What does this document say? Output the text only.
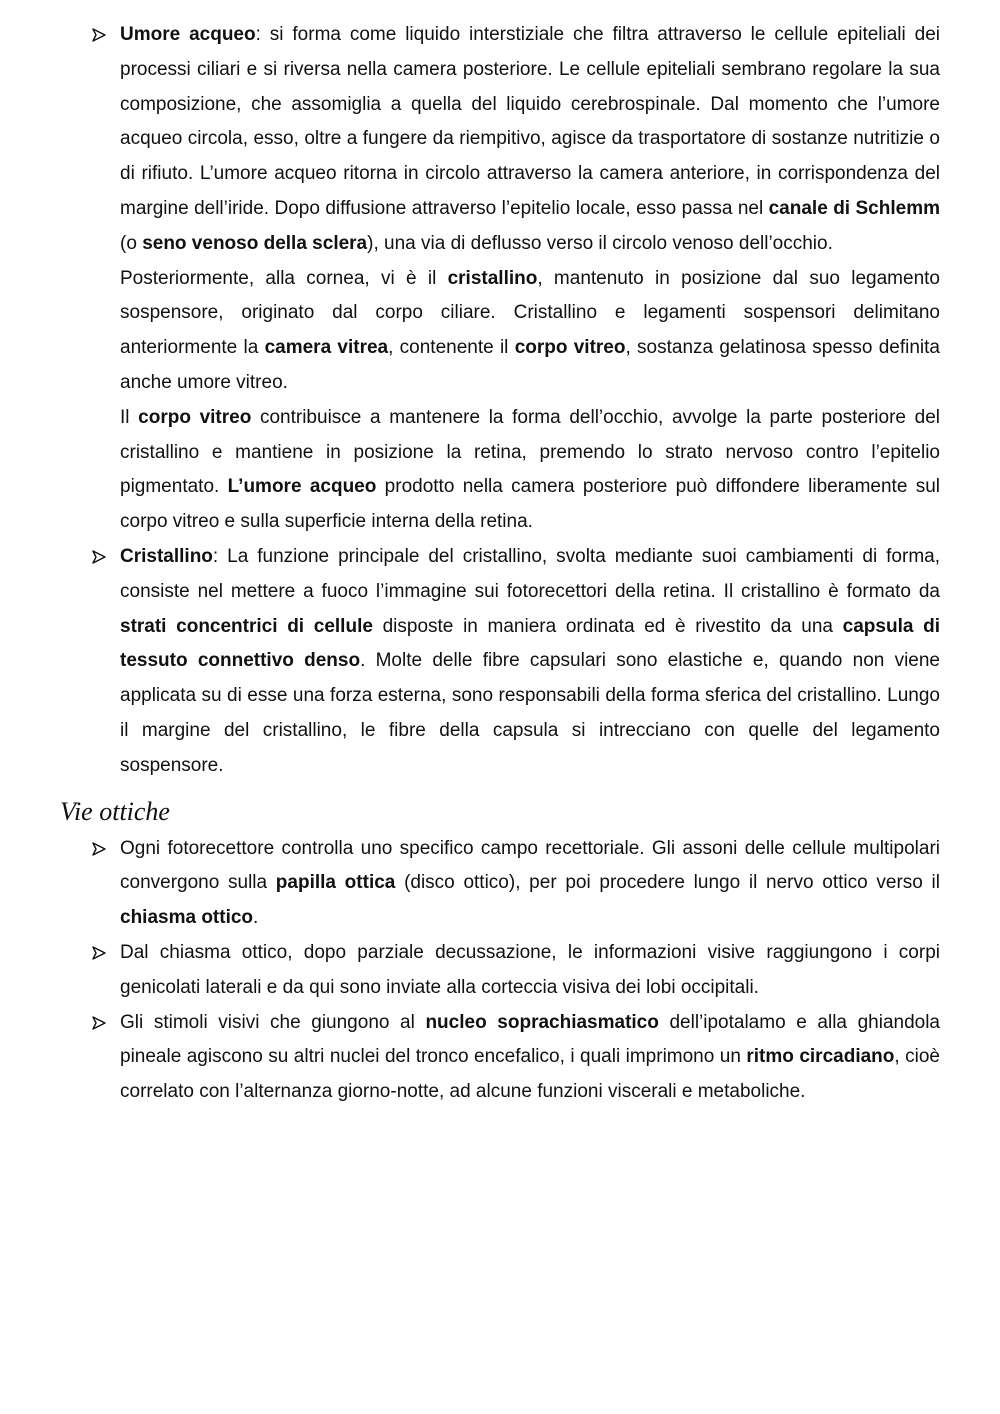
Umore acqueo: si forma come liquido interstiziale che filtra attraverso le cellule epiteliali dei processi ciliari e si riversa nella camera posteriore. Le cellule epiteliali sembrano regolare la sua composizione, che assomiglia a quella del liquido cerebrospinale. Dal momento che l’umore acqueo circola, esso, oltre a fungere da riempitivo, agisce da trasportatore di sostanze nutritizie o di rifiuto. L’umore acqueo ritorna in circolo attraverso la camera anteriore, in corrispondenza del margine dell’iride. Dopo diffusione attraverso l’epitelio locale, esso passa nel canale di Schlemm (o seno venoso della sclera), una via di deflusso verso il circolo venoso dell’occhio.

Posteriormente, alla cornea, vi è il cristallino, mantenuto in posizione dal suo legamento sospensore, originato dal corpo ciliare. Cristallino e legamenti sospensori delimitano anteriormente la camera vitrea, contenente il corpo vitreo, sostanza gelatinosa spesso definita anche umore vitreo.

Il corpo vitreo contribuisce a mantenere la forma dell’occhio, avvolge la parte posteriore del cristallino e mantiene in posizione la retina, premendo lo strato nervoso contro l’epitelio pigmentato. L’umore acqueo prodotto nella camera posteriore può diffondere liberamente sul corpo vitreo e sulla superficie interna della retina.

Cristallino: La funzione principale del cristallino, svolta mediante suoi cambiamenti di forma, consiste nel mettere a fuoco l’immagine sui fotorecettori della retina. Il cristallino è formato da strati concentrici di cellule disposte in maniera ordinata ed è rivestito da una capsula di tessuto connettivo denso. Molte delle fibre capsulari sono elastiche e, quando non viene applicata su di esse una forza esterna, sono responsabili della forma sferica del cristallino. Lungo il margine del cristallino, le fibre della capsula si intrecciano con quelle del legamento sospensore.

Vie ottiche

Ogni fotorecettore controlla uno specifico campo recettoriale. Gli assoni delle cellule multipolari convergono sulla papilla ottica (disco ottico), per poi procedere lungo il nervo ottico verso il chiasma ottico.

Dal chiasma ottico, dopo parziale decussazione, le informazioni visive raggiungono i corpi genicolati laterali e da qui sono inviate alla corteccia visiva dei lobi occipitali.

Gli stimoli visivi che giungono al nucleo soprachiasmatico dell’ipotalamo e alla ghiandola pineale agiscono su altri nuclei del tronco encefalico, i quali imprimono un ritmo circadiano, cioè correlato con l’alternanza giorno-notte, ad alcune funzioni viscerali e metaboliche.
